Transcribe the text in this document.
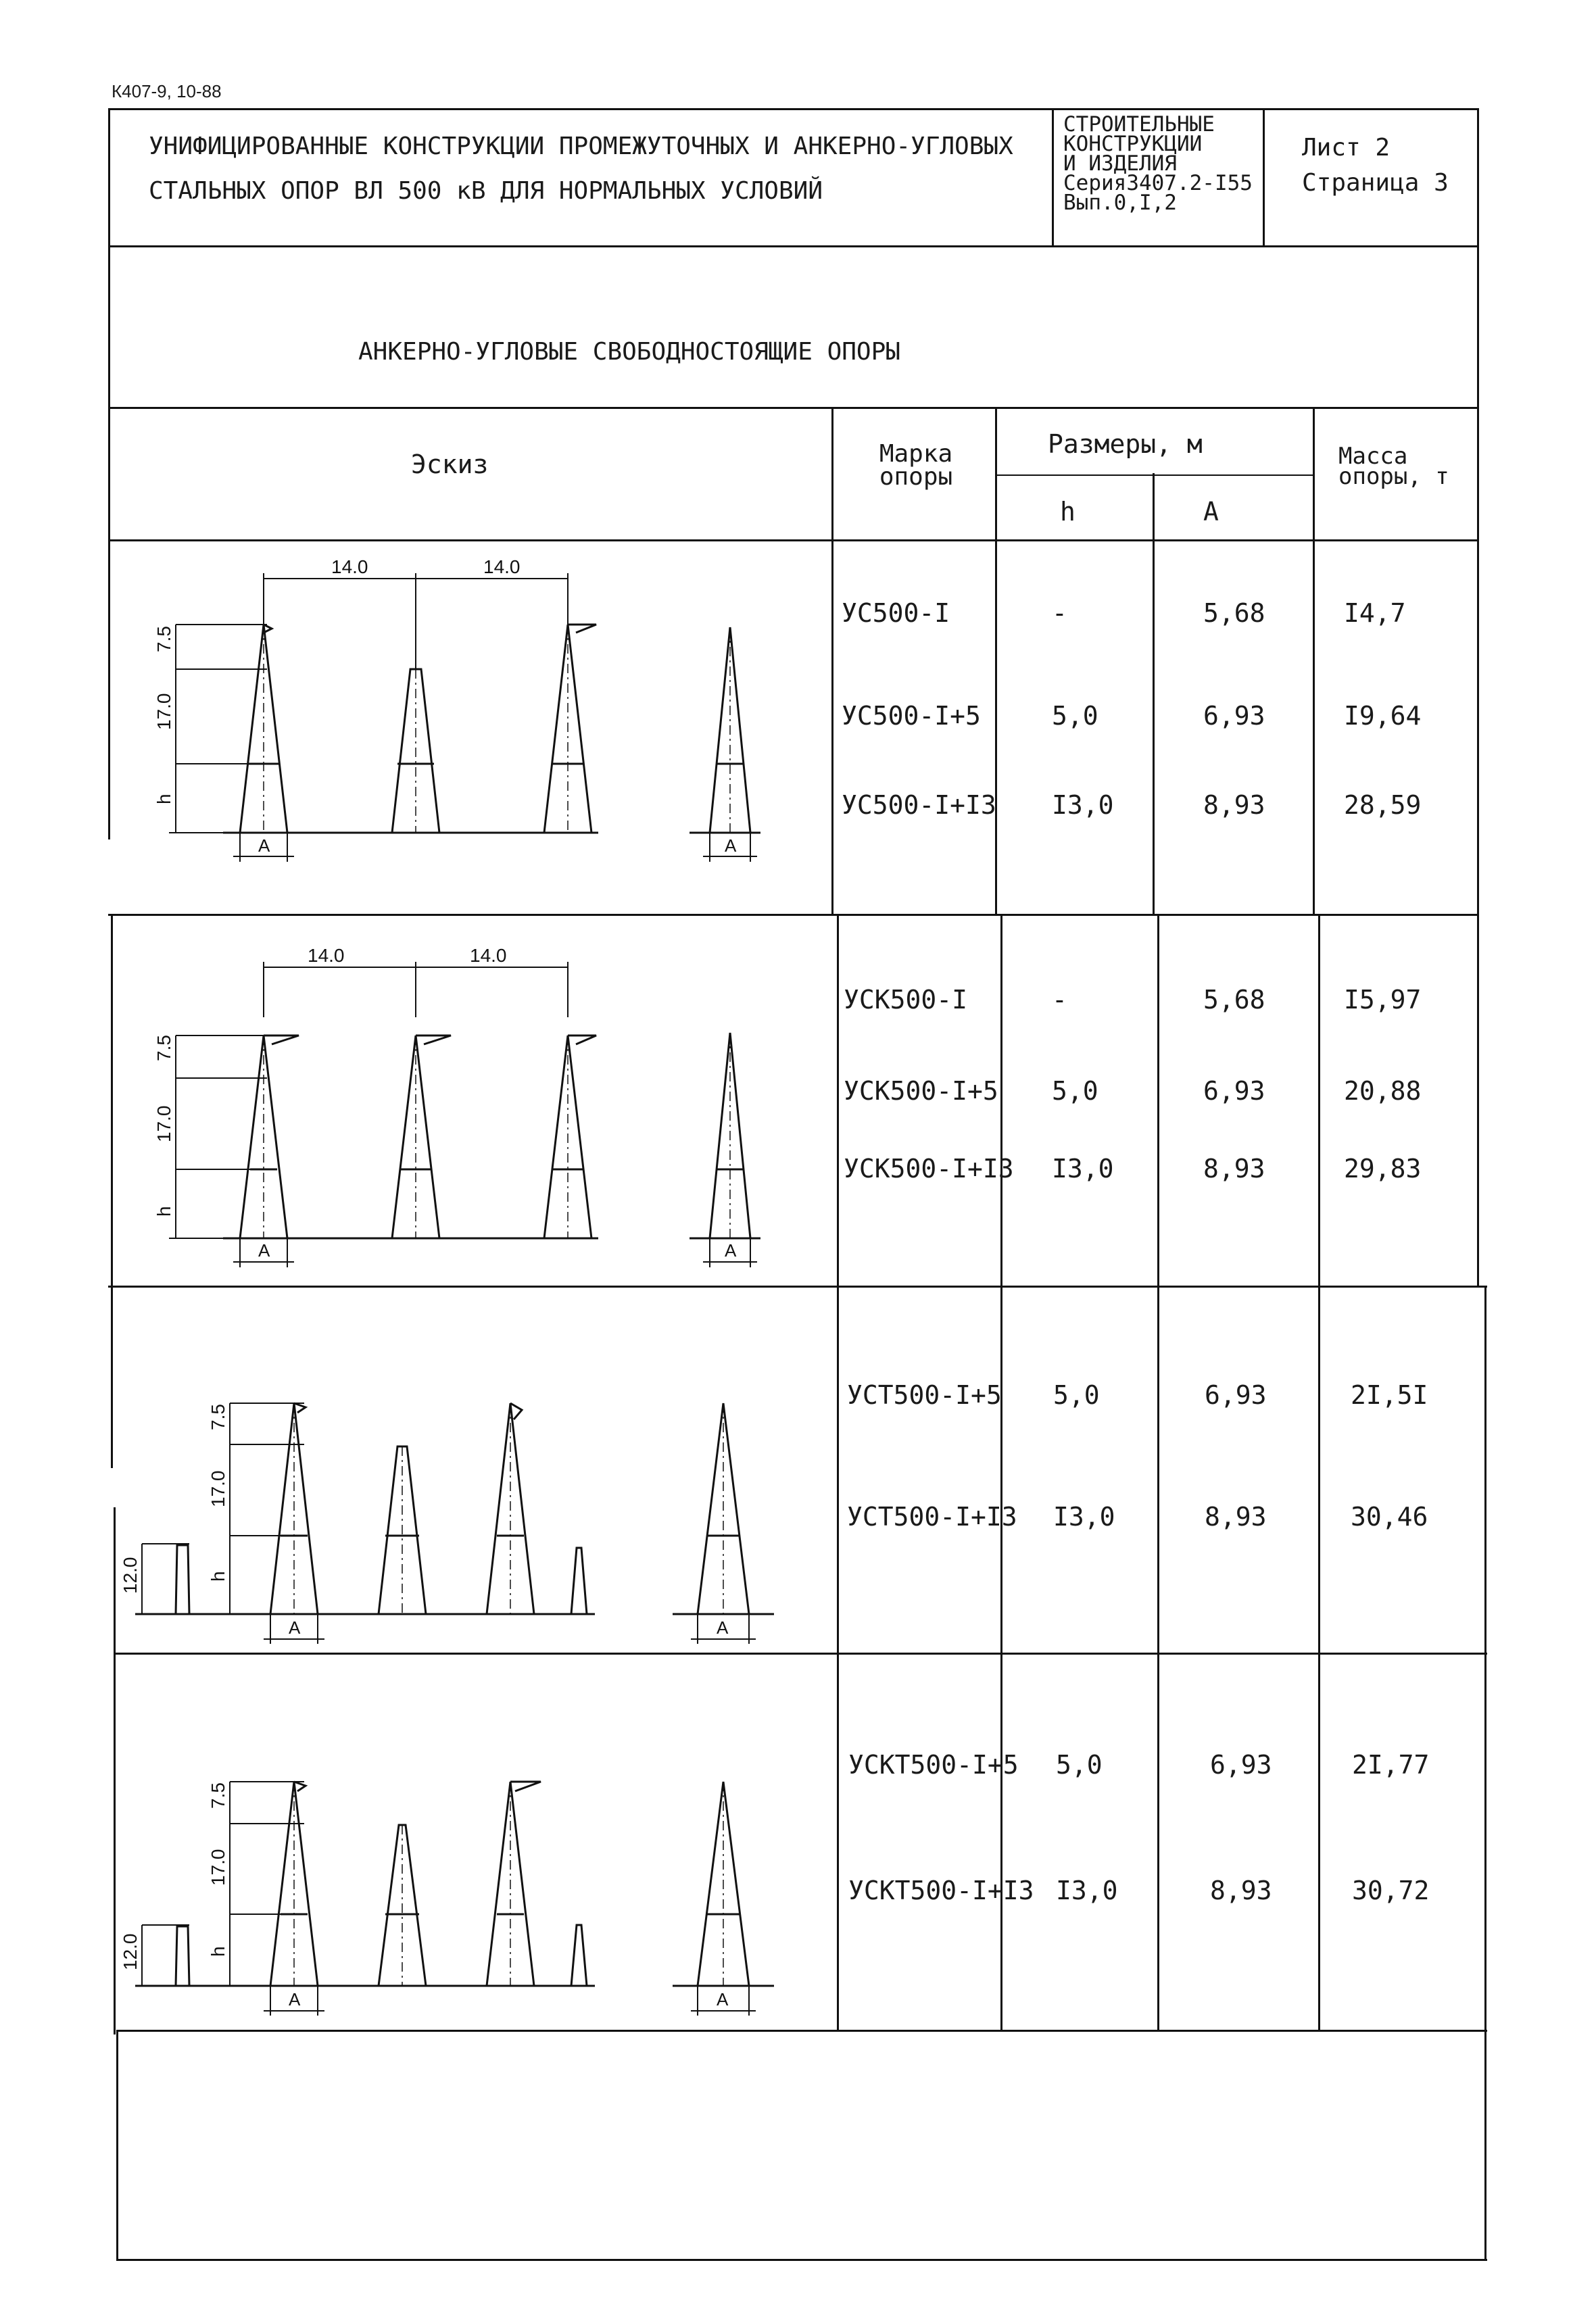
К407-9, 10-88
УНИФИЦИРОВАННЫЕ КОНСТРУКЦИИ ПРОМЕЖУТОЧНЫХ И АНКЕРНО-УГЛОВЫХ
СТАЛЬНЫХ ОПОР ВЛ 500 кВ ДЛЯ НОРМАЛЬНЫХ УСЛОВИЙ
СТРОИТЕЛЬНЫЕ
КОНСТРУКЦИИ
И ИЗДЕЛИЯ
Серия3407.2-I55
Вып.0,I,2
Лист 2
Страница 3
АНКЕРНО-УГЛОВЫЕ СВОБОДНОСТОЯЩИЕ ОПОРЫ
Эскиз	Марка опоры
Размеры, м
h	A
Масса опоры, т
УС500-I	-	5,68	I4,7
УС500-I+5	5,0	6,93	I9,64
УС500-I+I3 I3,0	8,93	28,59
УСК500-I	-	5,68	I5,97
УСК500-I+5 5,0	6,93	20,88
УСК500-I+I3 I3,0	8,93	29,83
УСТ500-I+5 5,0	6,93	2I,5I
УСТ500-I+I3 I3,0	8,93	30,46
УСКТ500-I+5 5,0	6,93	2I,77
УСКТ500-I+I3 I3,0	8,93	30,72
14.0	14.0
7.5
17.0
h
A	A
14.0	14.0
7.5
17.0
h
A	A
12.0
7.5
17.0
h
A	A
12.0
7.5
17.0
h
A	A
